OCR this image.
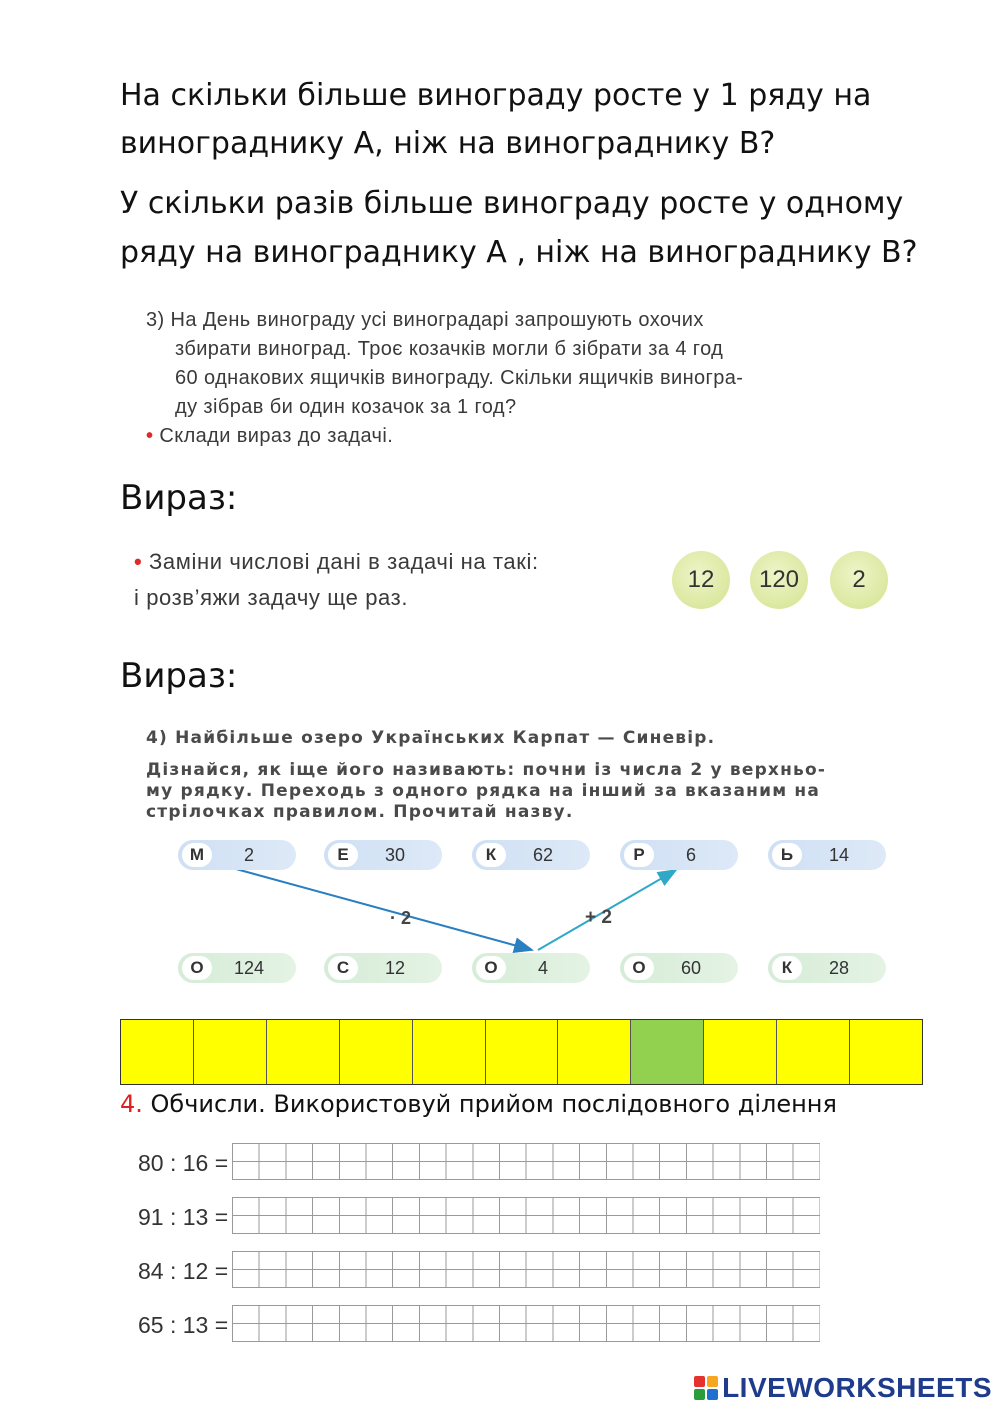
На скільки більше винограду росте у 1 ряду на
винограднику А, ніж на винограднику В?
У скільки разів більше винограду росте у одному
ряду на винограднику А , ніж на винограднику В?
3) На День винограду усі виноградарі запрошують охочих

збирати виноград. Троє козачків могли б зібрати за 4 год
60 однакових ящичків винограду. Скільки ящичків виногра-
ду зібрав би один козачок за 1 год?
• Склади вираз до задачі.
Вираз:
• Заміни числові дані в задачі на такі:
і розв’яжи задачу ще раз.
12	120	2
Вираз:
4) Найбільше озеро Українських Карпат — Синевір.
Дізнайся, як іще його називають: почни із числа 2 у верхньо-
му рядку. Переходь з одного рядка на інший за вказаним на
стрілочках правилом. Прочитай назву.
· 2	+ 2
М	2	Е	30	К	62	Р	6	Ь	14
О	124	С	12	О	4	О	60	К	28
4. Обчисли. Використовуй прийом послідовного ділення
80 : 16 =
91 : 13 =
84 : 12 =
65 : 13 =
LIVEWORKSHEETS
